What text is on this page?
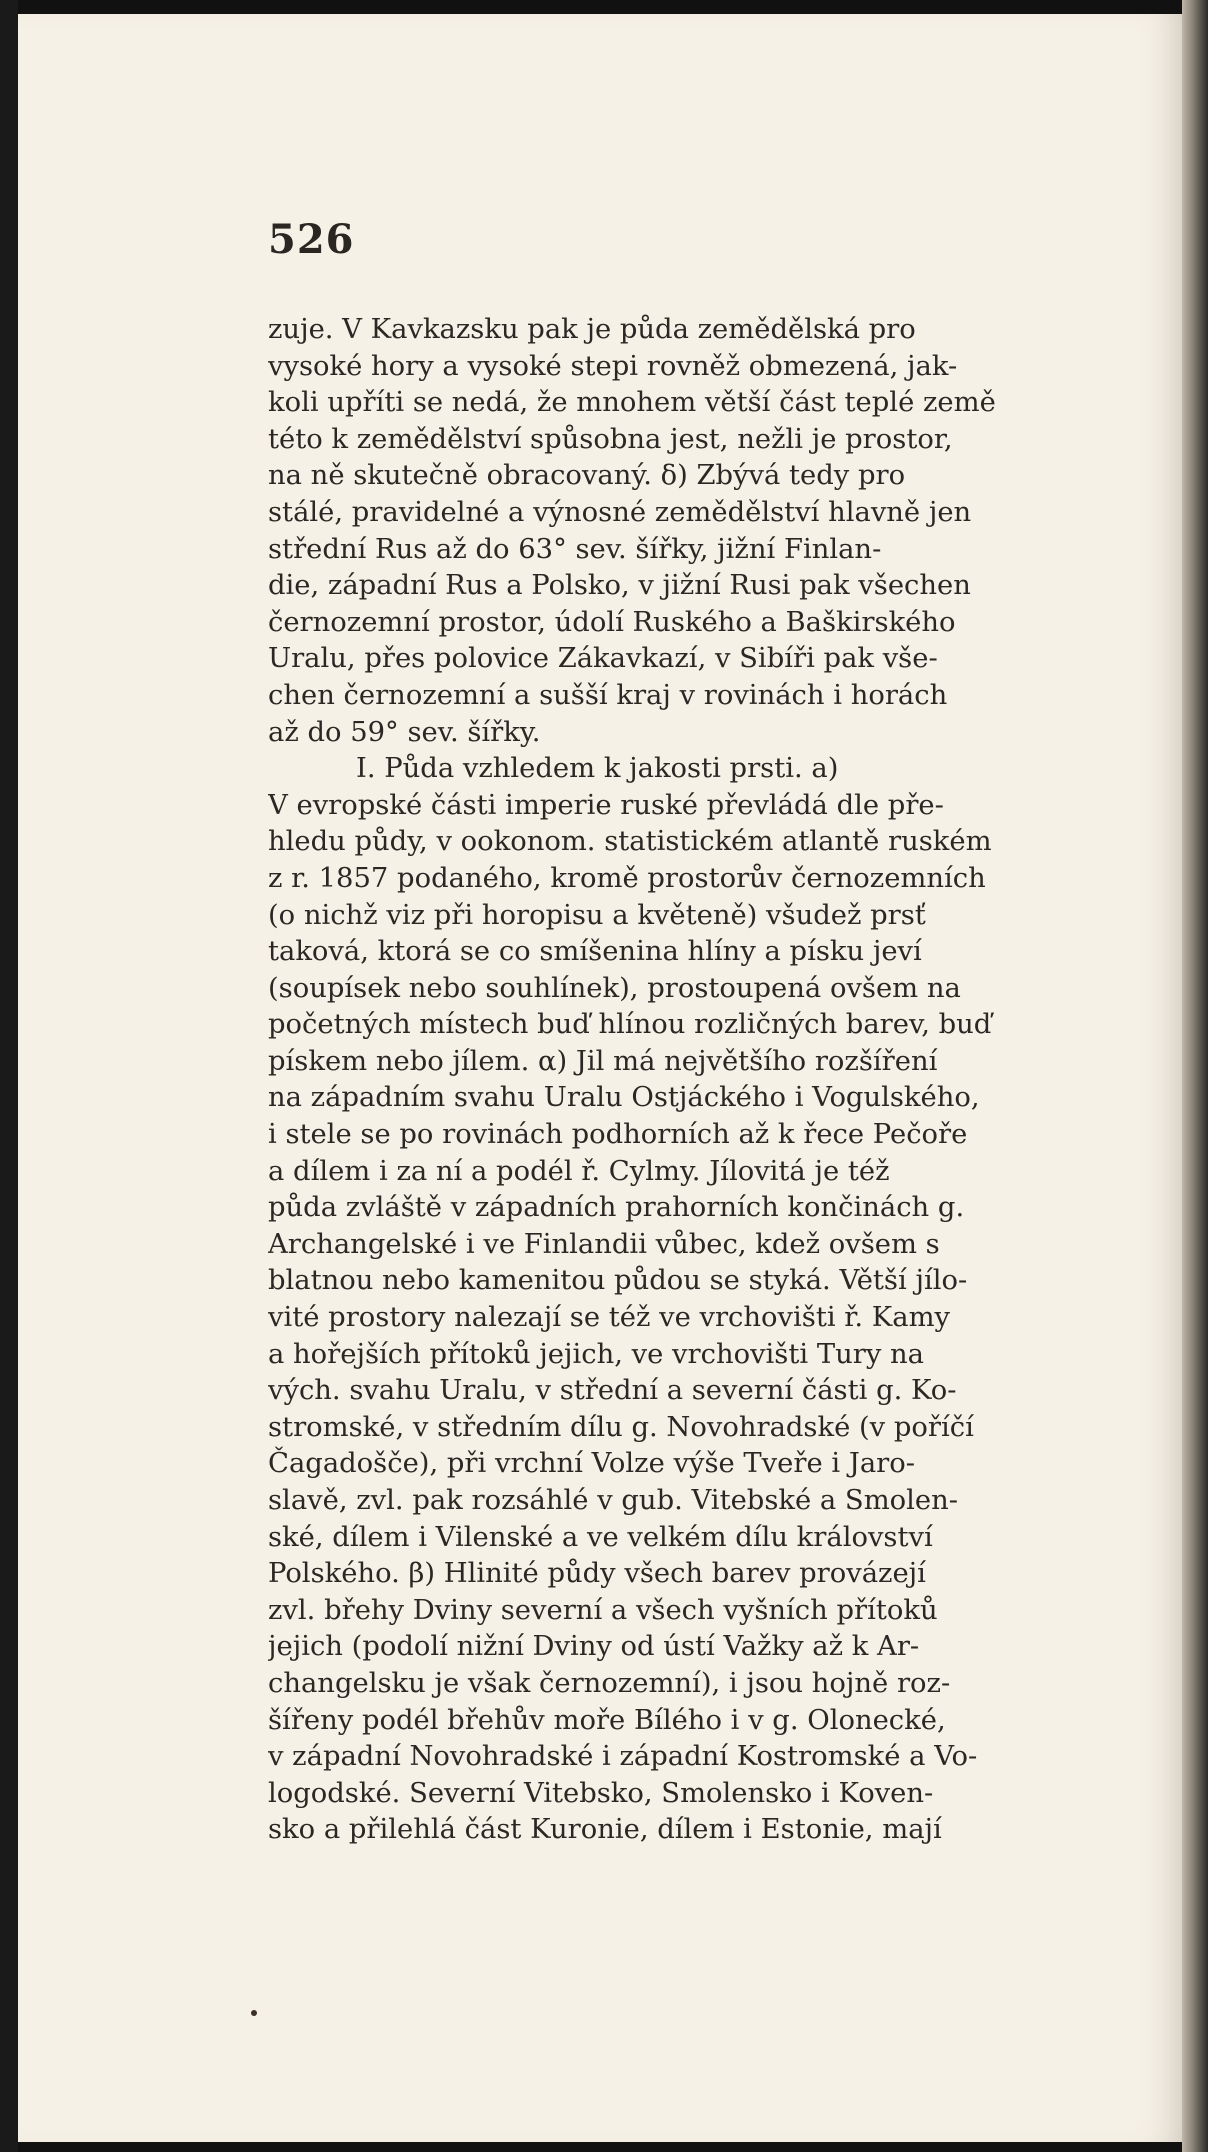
526
zuje. V Kavkazsku pak je půda zemědělská pro
vysoké hory a vysoké stepi rovněž obmezená, jak-
koli upříti se nedá, že mnohem větší část teplé země
této k zemědělství spůsobna jest, nežli je prostor,
na ně skutečně obracovaný. δ) Zbývá tedy pro
stálé, pravidelné a výnosné zemědělství hlavně jen
střední Rus až do 63° sev. šířky, jižní Finlan-
die, západní Rus a Polsko, v jižní Rusi pak všechen
černozemní prostor, údolí Ruského a Baškirského
Uralu, přes polovice Zákavkazí, v Sibíři pak vše-
chen černozemní a sušší kraj v rovinách i horách
až do 59° sev. šířky.
I. Půda vzhledem k jakosti prsti. a)
V evropské části imperie ruské převládá dle pře-
hledu půdy, v ookonom. statistickém atlantě ruském
z r. 1857 podaného, kromě prostorův černozemních
(o nichž viz při horopisu a květeně) všudež prsť
taková, ktorá se co smíšenina hlíny a písku jeví
(soupísek nebo souhlínek), prostoupená ovšem na
početných místech buď hlínou rozličných barev, buď
pískem nebo jílem. α) Jil má největšího rozšíření
na západním svahu Uralu Ostjáckého i Vogulského,
i stele se po rovinách podhorních až k řece Pečoře
a dílem i za ní a podél ř. Cylmy. Jílovitá je též
půda zvláště v západních prahorních končinách g.
Archangelské i ve Finlandii vůbec, kdež ovšem s
blatnou nebo kamenitou půdou se styká. Větší jílo-
vité prostory nalezají se též ve vrchovišti ř. Kamy
a hořejších přítoků jejich, ve vrchovišti Tury na
vých. svahu Uralu, v střední a severní části g. Ko-
stromské, v středním dílu g. Novohradské (v poříčí
Čagadošče), při vrchní Volze výše Tveře i Jaro-
slavě, zvl. pak rozsáhlé v gub. Vitebské a Smolen-
ské, dílem i Vilenské a ve velkém dílu království
Polského. β) Hlinité půdy všech barev provázejí
zvl. břehy Dviny severní a všech vyšních přítoků
jejich (podolí nižní Dviny od ústí Važky až k Ar-
changelsku je však černozemní), i jsou hojně roz-
šířeny podél břehův moře Bílého i v g. Olonecké,
v západní Novohradské i západní Kostromské a Vo-
logodské. Severní Vitebsko, Smolensko i Koven-
sko a přilehlá část Kuronie, dílem i Estonie, mají
